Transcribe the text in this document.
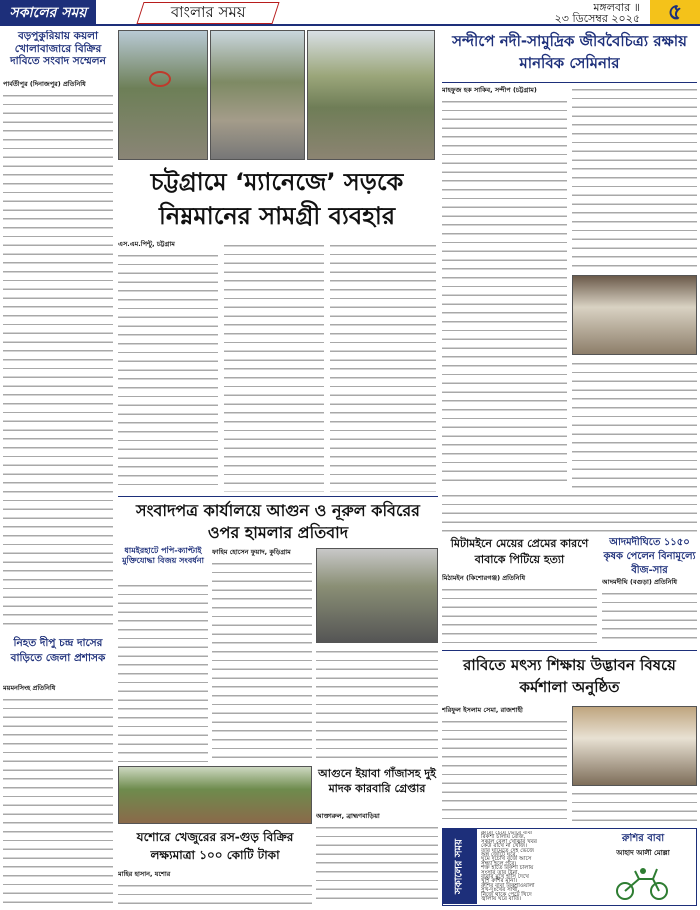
সকালের সময়	বাংলার সময়	মঙ্গলবার ॥
২৩ ডিসেম্বর ২০২৫	৫
বড়পুকুরিয়ায় কয়লা খোলাবাজারে বিক্রির দাবিতে সংবাদ সম্মেলন
পার্বতীপুর (দিনাজপুর) প্রতিনিধি
চট্টগ্রামে ‘ম্যানেজে’ সড়কে নিম্নমানের সামগ্রী ব্যবহার
এস.এম.পিন্টু, চট্টগ্রাম
সন্দীপে নদী-সামুদ্রিক জীববৈচিত্র্য রক্ষায় মানবিক সেমিনার
মাহফুজ হক সাকিব, সন্দীপ (চট্টগ্রাম)
সংবাদপত্র কার্যালয়ে আগুন ও নূরুল কবিরের ওপর হামলার প্রতিবাদ
ধামইরহাটে পপি-ক্যাপ্টাই মুক্তিযোদ্ধা বিজয় সংবর্ধনা
ফাহিম হোসেন ফুয়াদ, কুড়িগ্রাম
মিটামইনে মেয়ের প্রেমের কারণে বাবাকে পিটিয়ে হত্যা
মিঠামইন (কিশোরগঞ্জ) প্রতিনিধি
আদমদীঘিতে ১১৫০ কৃষক পেলেন বিনামূল্যে বীজ-সার
আদমদীঘি (বগুড়া) প্রতিনিধি
রাবিতে মৎস্য শিক্ষায় উদ্ভাবন বিষয়ে কর্মশালা অনুষ্ঠিত
শরিফুল ইসলাম সেমা, রাজশাহী
আগুনে ইয়াবা গাঁজাসহ দুই মাদক কারবারি গ্রেপ্তার
আক্তারুল, ব্রাহ্মণবাড়িয়া
নিহত দীপু চন্দ্র দাসের বাড়িতে জেলা প্রশাসক
ময়মনসিংহ প্রতিনিধি
যশোরে খেজুরের রস-গুড় বিক্রির লক্ষ্যমাত্রা ১০০ কোটি টাকা
মাহির হাসান, যশোর	সকালের সময়
কারো চেয়ে ভোরে বাবা
রিকশা চালায় রোজ,
সকাল বেলা খোকার খবর
কেউ রাখে না খোঁজ।
তার ঘামেতে দেহ ভেজে
অন্ন জোটে ঘরে,
ঘুমে দুচোখ বুজে আসে
সন্ধ্যা হলে পরে।
শক্ত হাতে রিকশা চালায়
সংসার তার টানা,
বাবার মুখে হাসি দেখে
খুশি রুশির মানা।
রুশির বাবা রিকশাওয়ালা
সুখ-দুঃখের সাথী,
নিজে থাকে পেটে খিদে
জ্বালায় ঘরে বাতি।
রুশির বাবা
আহাদ আলী মোল্লা
